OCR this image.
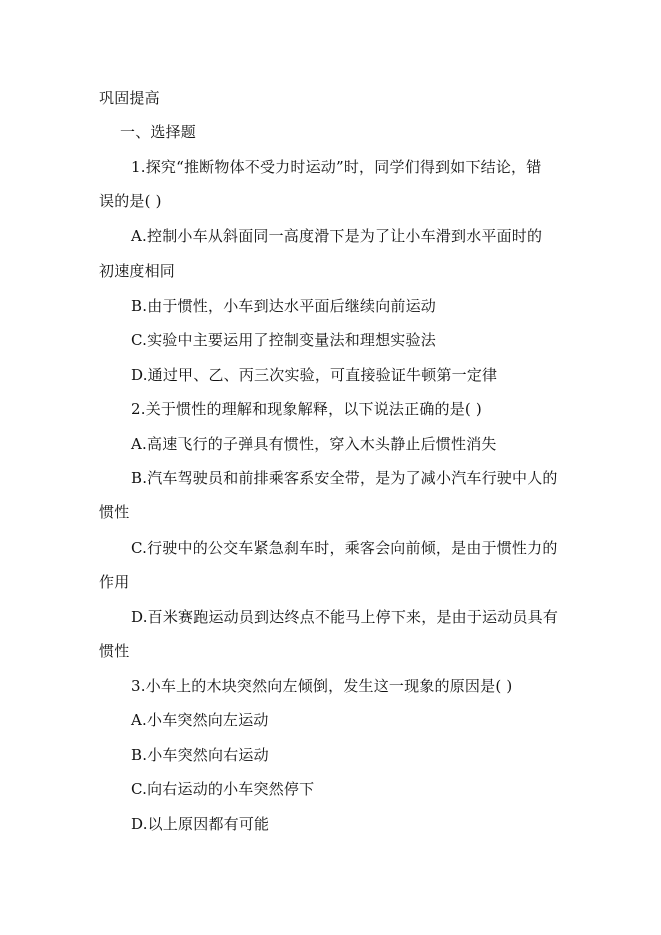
巩固提高
一、选择题
1.探究“推断物体不受力时运动”时，同学们得到如下结论，错
误的是( )
A.控制小车从斜面同一高度滑下是为了让小车滑到水平面时的
初速度相同
B.由于惯性，小车到达水平面后继续向前运动
C.实验中主要运用了控制变量法和理想实验法
D.通过甲、乙、丙三次实验，可直接验证牛顿第一定律
2.关于惯性的理解和现象解释，以下说法正确的是( )
A.高速飞行的子弹具有惯性，穿入木头静止后惯性消失
B.汽车驾驶员和前排乘客系安全带，是为了减小汽车行驶中人的
惯性
C.行驶中的公交车紧急刹车时，乘客会向前倾，是由于惯性力的
作用
D.百米赛跑运动员到达终点不能马上停下来，是由于运动员具有
惯性
3.小车上的木块突然向左倾倒，发生这一现象的原因是( )
A.小车突然向左运动
B.小车突然向右运动
C.向右运动的小车突然停下
D.以上原因都有可能
